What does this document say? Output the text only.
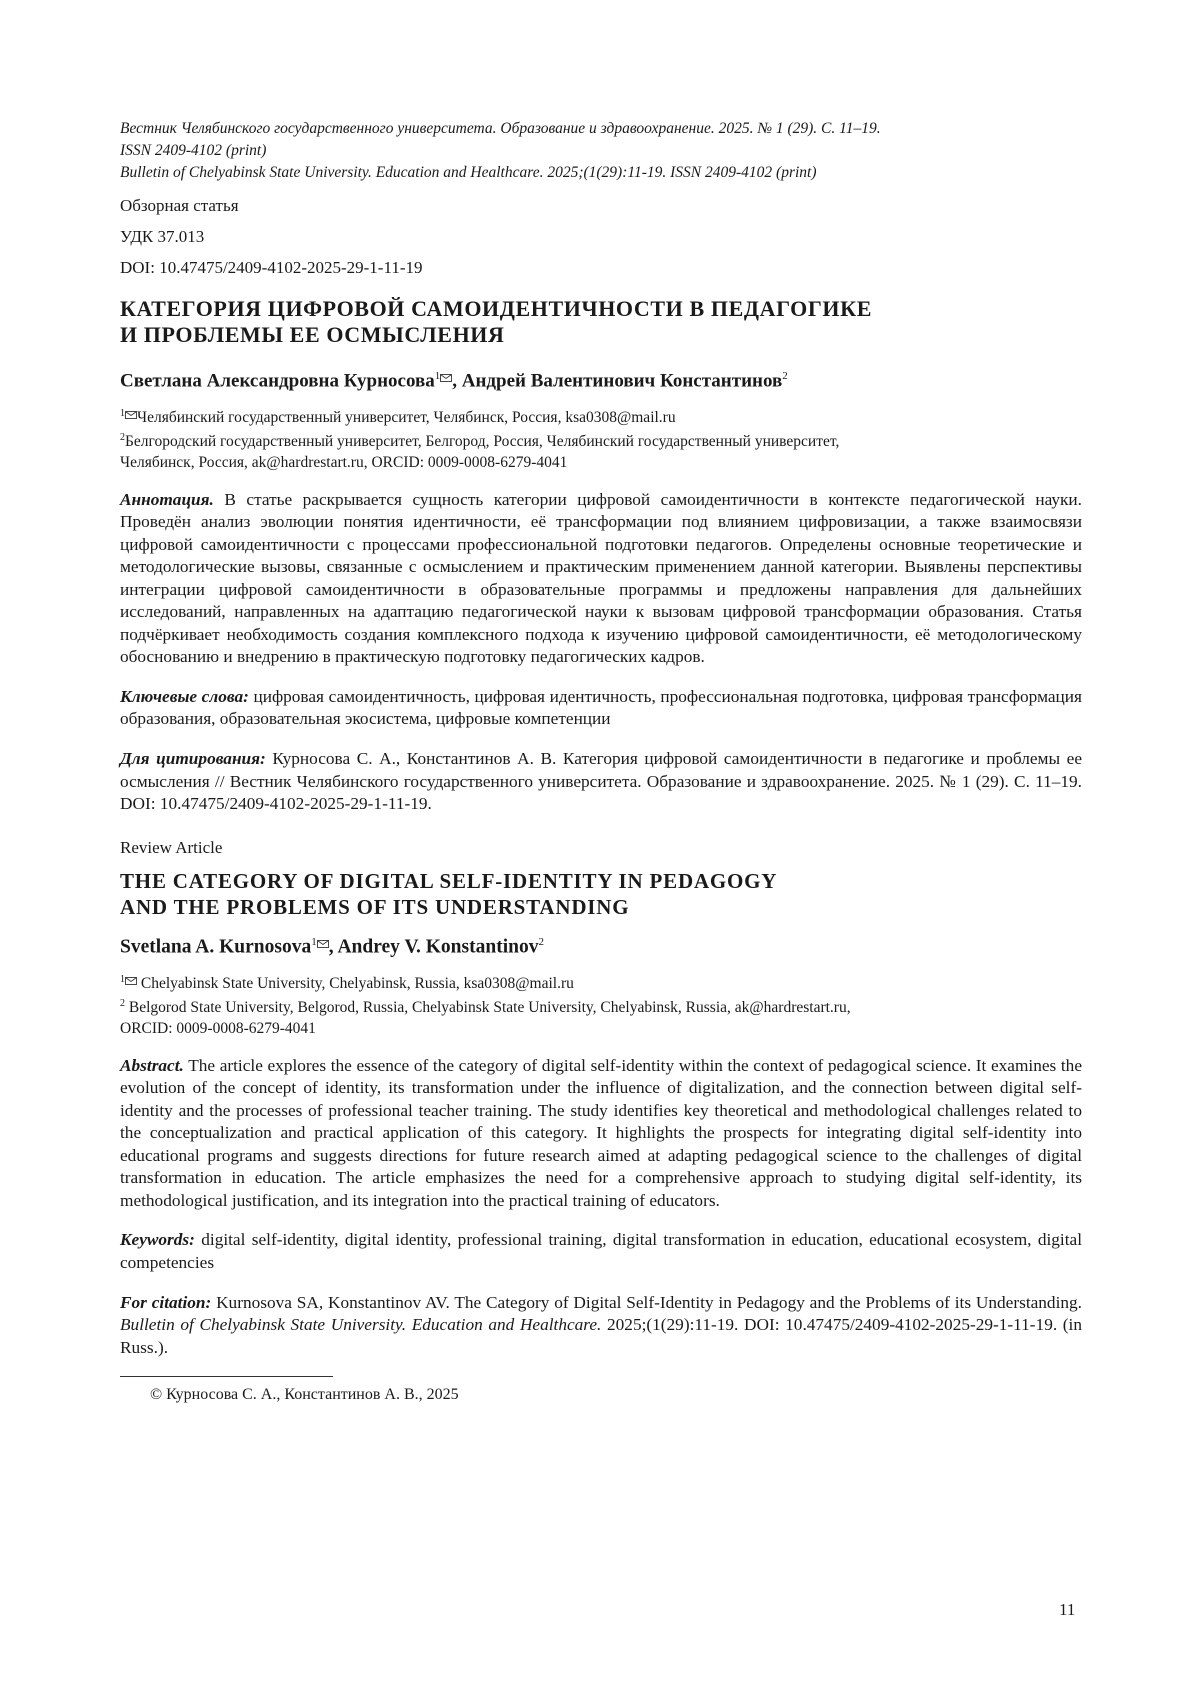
Вестник Челябинского государственного университета. Образование и здравоохранение. 2025. № 1 (29). С. 11–19.
ISSN 2409-4102 (print)
Bulletin of Chelyabinsk State University. Education and Healthcare. 2025;(1(29):11-19. ISSN 2409-4102 (print)

Обзорная статья

УДК 37.013

DOI: 10.47475/2409-4102-2025-29-1-11-19

КАТЕГОРИЯ ЦИФРОВОЙ САМОИДЕНТИЧНОСТИ В ПЕДАГОГИКЕ
И ПРОБЛЕМЫ ЕЕ ОСМЫСЛЕНИЯ
Светлана Александровна Курносова$^1$ , Андрей Валентинович Константинов$^2$
$^1$ Челябинский государственный университет, Челябинск, Россия, ksa0308@mail.ru
$^2$Белгородский государственный университет, Белгород, Россия, Челябинский государственный университет,
Челябинск, Россия, ak@hardrestart.ru, ORCID: 0009-0008-6279-4041

Аннотация. В статье раскрывается сущность категории цифровой самоидентичности в контексте педагогической науки. Проведён анализ эволюции понятия идентичности, её трансформации под влиянием цифровизации, а также взаимосвязи цифровой самоидентичности с процессами профессиональной подготовки педагогов. Определены основные теоретические и методологические вызовы, связанные с осмыслением и практическим применением данной категории. Выявлены перспективы интеграции цифровой самоидентичности в образовательные программы и предложены направления для дальнейших исследований, направленных на адаптацию педагогической науки к вызовам цифровой трансформации образования. Статья подчёркивает необходимость создания комплексного подхода к изучению цифровой самоидентичности, её методологическому обоснованию и внедрению в практическую подготовку педагогических кадров.

Ключевые слова: цифровая самоидентичность, цифровая идентичность, профессиональная подготовка, цифровая трансформация образования, образовательная экосистема, цифровые компетенции

Для цитирования: Курносова С. А., Константинов А. В. Категория цифровой самоидентичности в педагогике и проблемы ее осмысления // Вестник Челябинского государственного университета. Образование и здравоохранение. 2025. № 1 (29). С. 11–19. DOI: 10.47475/2409-4102-2025-29-1-11-19.

Review Article

THE CATEGORY OF DIGITAL SELF-IDENTITY IN PEDAGOGY
AND THE PROBLEMS OF ITS UNDERSTANDING
Svetlana A. Kurnosova$^1$ , Andrey V. Konstantinov$^2$
$^1$ Chelyabinsk State University, Chelyabinsk, Russia, ksa0308@mail.ru
$^2$ Belgorod State University, Belgorod, Russia, Chelyabinsk State University, Chelyabinsk, Russia, ak@hardrestart.ru,
ORCID: 0009-0008-6279-4041

Abstract. The article explores the essence of the category of digital self-identity within the context of pedagogical science. It examines the evolution of the concept of identity, its transformation under the influence of digitalization, and the connection between digital self-identity and the processes of professional teacher training. The study identifies key theoretical and methodological challenges related to the conceptualization and practical application of this category. It highlights the prospects for integrating digital self-identity into educational programs and suggests directions for future research aimed at adapting pedagogical science to the challenges of digital transformation in education. The article emphasizes the need for a comprehensive approach to studying digital self-identity, its methodological justification, and its integration into the practical training of educators.

Keywords: digital self-identity, digital identity, professional training, digital transformation in education, educational ecosystem, digital competencies

For citation: Kurnosova SA, Konstantinov AV. The Category of Digital Self-Identity in Pedagogy and the Problems of its Understanding. Bulletin of Chelyabinsk State University. Education and Healthcare. 2025;(1(29):11-19. DOI: 10.47475/2409-4102-2025-29-1-11-19. (in Russ.).

© Курносова С. А., Константинов А. В., 2025

11
